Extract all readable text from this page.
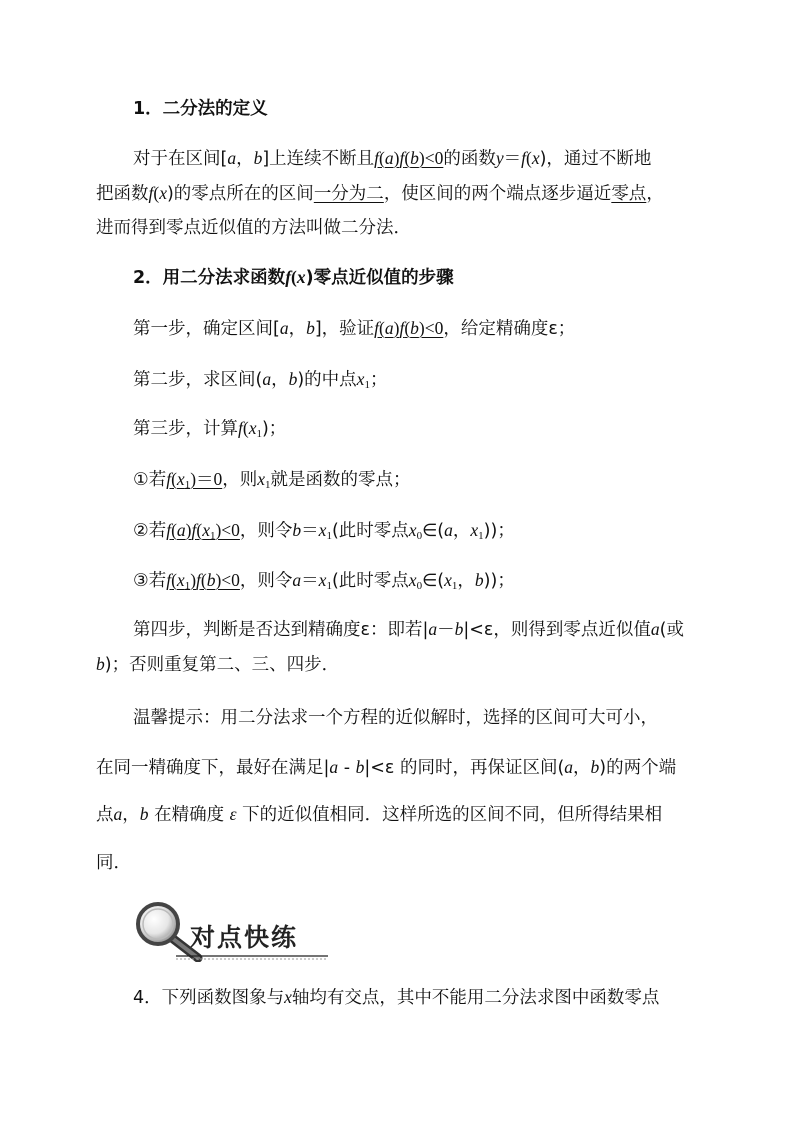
1．二分法的定义
对于在区间[a，b]上连续不断且f(a)f(b)<0的函数y＝f(x)，通过不断地
把函数f(x)的零点所在的区间一分为二，使区间的两个端点逐步逼近零点，
进而得到零点近似值的方法叫做二分法．
2．用二分法求函数f(x)零点近似值的步骤
第一步，确定区间[a，b]，验证f(a)f(b)<0，给定精确度ε；
第二步，求区间(a，b)的中点$x_1$；
第三步，计算$f(x_1)$；
①若$f(x_1)=0$，则$x_1$就是函数的零点；
②若$f(a)f(x_1)<0$，则令$b=x_1$(此时零点$x_0\in(a$，$x_1$))；
③若$f(x_1)f(b)<0$，则令$a=x_1$(此时零点$x_0\in(x_1$，b))；
第四步，判断是否达到精确度ε：即若|a－b|<ε，则得到零点近似值a(或
b)；否则重复第二、三、四步．
温馨提示：用二分法求一个方程的近似解时，选择的区间可大可小，
在同一精确度下，最好在满足|a - b|<ε 的同时，再保证区间(a，b)的两个端
点a，b 在精确度 ε 下的近似值相同．这样所选的区间不同，但所得结果相
同．
对点快练
4．下列函数图象与x轴均有交点，其中不能用二分法求图中函数零点
